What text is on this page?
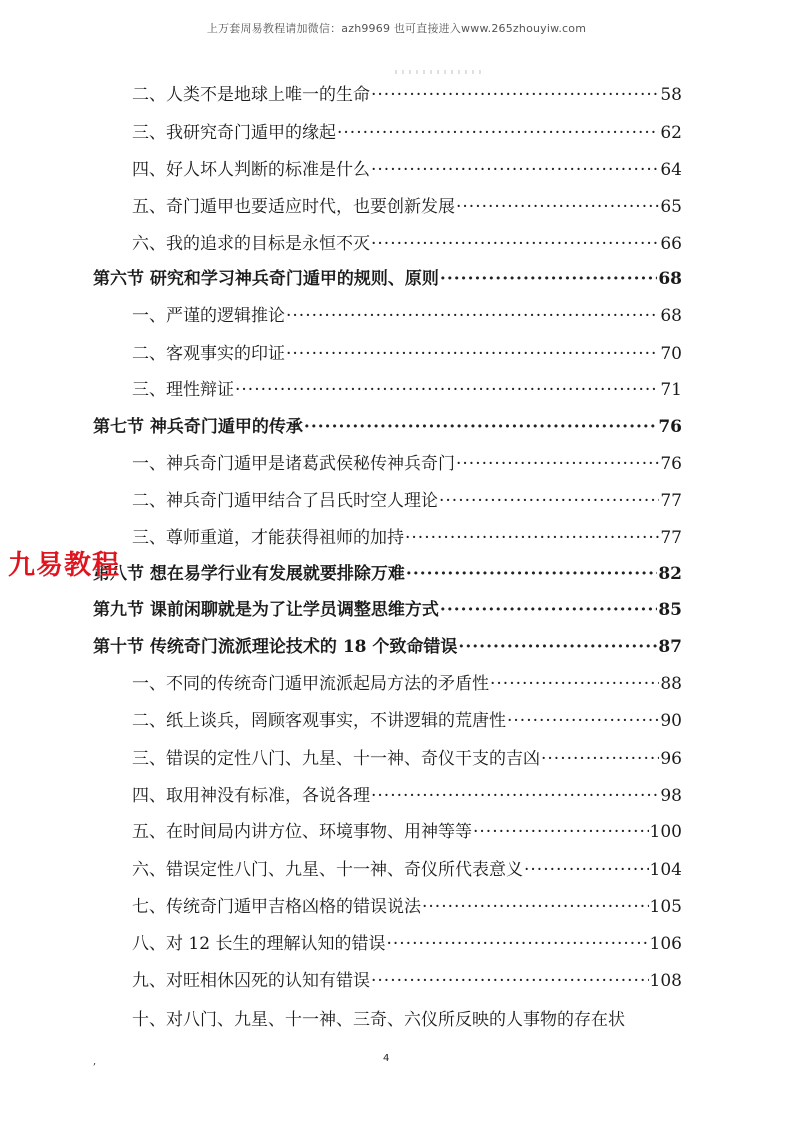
上万套周易教程请加微信：azh9969 也可直接进入www.265zhouyiw.com
二、人类不是地球上唯一的生命 ·····	58
三、我研究奇门遁甲的缘起 ·····	62
四、好人坏人判断的标准是什么 ·····	64
五、奇门遁甲也要适应时代，也要创新发展 ·····	65
六、我的追求的目标是永恒不灭 ·····	66
第六节 研究和学习神兵奇门遁甲的规则、原则 ·····	68
一、严谨的逻辑推论 ·····	68
二、客观事实的印证 ·····	70
三、理性辩证 ·····	71
第七节 神兵奇门遁甲的传承 ·····	76
一、神兵奇门遁甲是诸葛武侯秘传神兵奇门 ·····	76
二、神兵奇门遁甲结合了吕氏时空人理论 ·····	77
三、尊师重道，才能获得祖师的加持 ·····	77
第八节 想在易学行业有发展就要排除万难 ·····	82
第九节 课前闲聊就是为了让学员调整思维方式 ·····	85
第十节 传统奇门流派理论技术的 18 个致命错误 ·····	87
一、不同的传统奇门遁甲流派起局方法的矛盾性 ·····	88
二、纸上谈兵，罔顾客观事实，不讲逻辑的荒唐性 ·····	90
三、错误的定性八门、九星、十一神、奇仪干支的吉凶 ·····	96
四、取用神没有标准，各说各理 ·····	98
五、在时间局内讲方位、环境事物、用神等等 ·····	100
六、错误定性八门、九星、十一神、奇仪所代表意义 ·····	104
七、传统奇门遁甲吉格凶格的错误说法 ·····	105
八、对 12 长生的理解认知的错误 ·····	106
九、对旺相休囚死的认知有错误 ·····	108
十、对八门、九星、十一神、三奇、六仪所反映的人事物的存在状
九易教程
,	4
